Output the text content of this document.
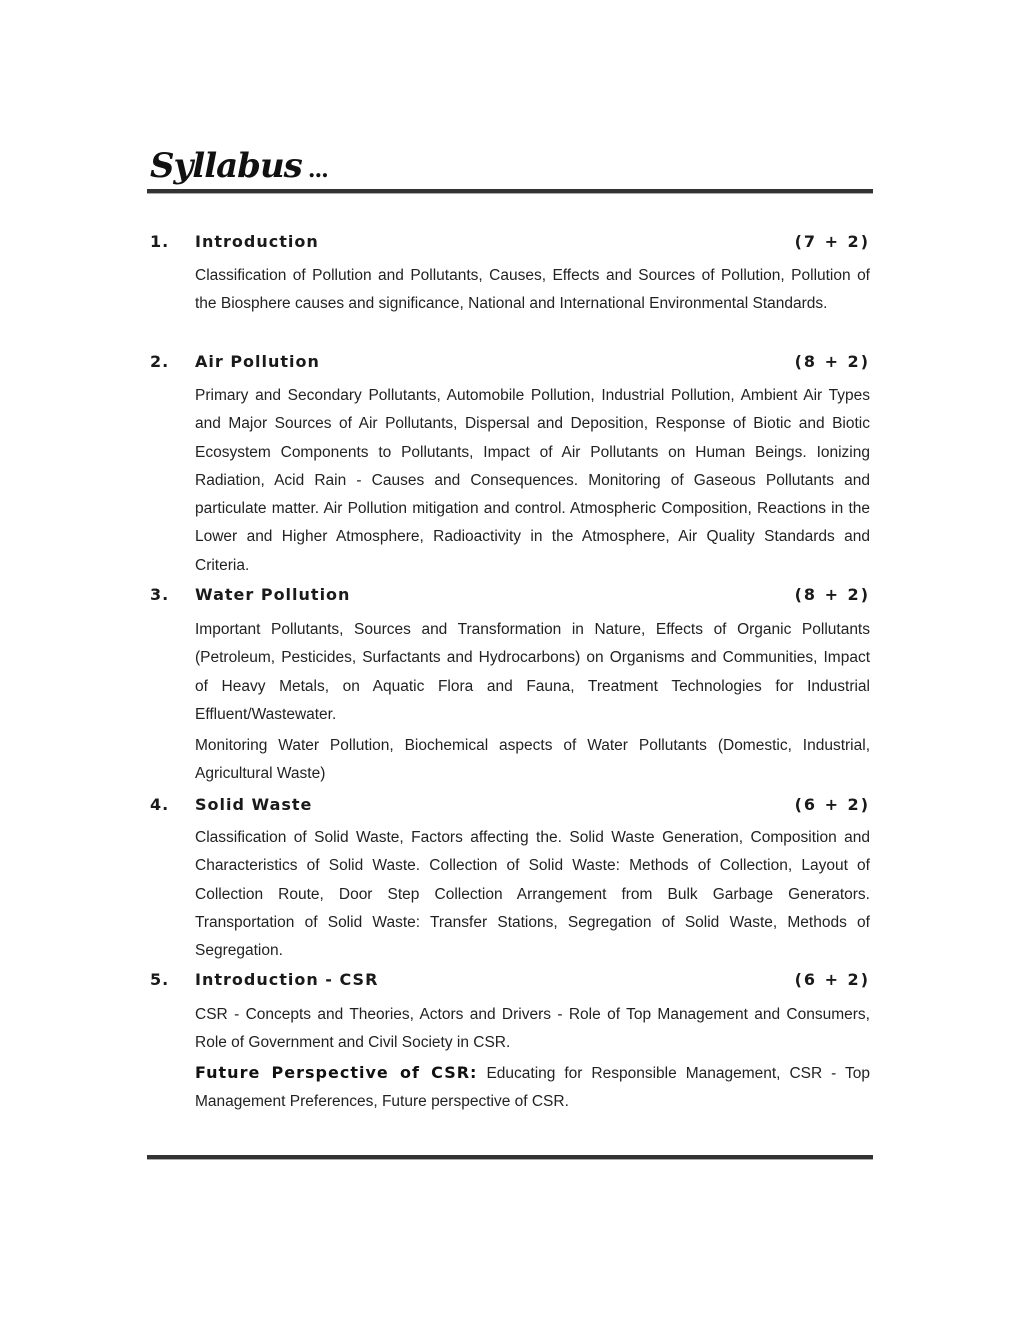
Syllabus ...
1. Introduction	(7 + 2)

Classification of Pollution and Pollutants, Causes, Effects and Sources of Pollution, Pollution of the Biosphere causes and significance, National and International Environmental Standards.

2. Air Pollution	(8 + 2)

Primary and Secondary Pollutants, Automobile Pollution, Industrial Pollution, Ambient Air Types and Major Sources of Air Pollutants, Dispersal and Deposition, Response of Biotic and Biotic Ecosystem Components to Pollutants, Impact of Air Pollutants on Human Beings. Ionizing Radiation, Acid Rain - Causes and Consequences. Monitoring of Gaseous Pollutants and particulate matter. Air Pollution mitigation and control. Atmospheric Composition, Reactions in the Lower and Higher Atmosphere, Radioactivity in the Atmosphere, Air Quality Standards and Criteria.

3. Water Pollution	(8 + 2)

Important Pollutants, Sources and Transformation in Nature, Effects of Organic Pollutants (Petroleum, Pesticides, Surfactants and Hydrocarbons) on Organisms and Communities, Impact of Heavy Metals, on Aquatic Flora and Fauna, Treatment Technologies for Industrial Effluent/Wastewater.

Monitoring Water Pollution, Biochemical aspects of Water Pollutants (Domestic, Industrial, Agricultural Waste)

4. Solid Waste	(6 + 2)

Classification of Solid Waste, Factors affecting the. Solid Waste Generation, Composition and Characteristics of Solid Waste. Collection of Solid Waste: Methods of Collection, Layout of Collection Route, Door Step Collection Arrangement from Bulk Garbage Generators. Transportation of Solid Waste: Transfer Stations, Segregation of Solid Waste, Methods of Segregation.

5. Introduction - CSR	(6 + 2)

CSR - Concepts and Theories, Actors and Drivers - Role of Top Management and Consumers, Role of Government and Civil Society in CSR.

Future Perspective of CSR: Educating for Responsible Management, CSR - Top Management Preferences, Future perspective of CSR.
